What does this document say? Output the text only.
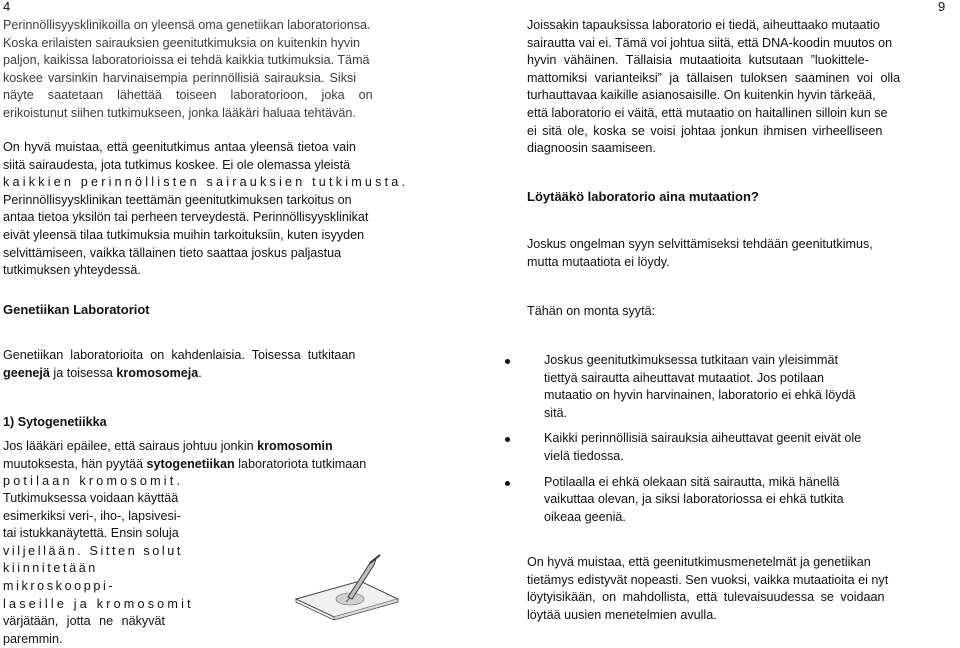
4

Perinnöllisyysklinikoilla on yleensä oma genetiikan laboratorionsa.

Koska erilaisten sairauksien geenitutkimuksia on kuitenkin hyvin

paljon, kaikissa laboratorioissa ei tehdä kaikkia tutkimuksia. Tämä

koskee varsinkin harvinaisempia perinnöllisiä sairauksia. Siksi

näyte saatetaan lähettää toiseen laboratorioon, joka on

erikoistunut siihen tutkimukseen, jonka lääkäri haluaa tehtävän.

On hyvä muistaa, että geenitutkimus antaa yleensä tietoa vain

siitä sairaudesta, jota tutkimus koskee. Ei ole olemassa yleistä

kaikkien perinnöllisten sairauksien tutkimusta.

Perinnöllisyysklinikan teettämän geenitutkimuksen tarkoitus on

antaa tietoa yksilön tai perheen terveydestä. Perinnöllisyysklinikat

eivät yleensä tilaa tutkimuksia muihin tarkoituksiin, kuten isyyden

selvittämiseen, vaikka tällainen tieto saattaa joskus paljastua

tutkimuksen yhteydessä.

Genetiikan Laboratoriot

Genetiikan laboratorioita on kahdenlaisia. Toisessa tutkitaan

geenejä ja toisessa kromosomeja.

1) Sytogenetiikka

Jos lääkäri epäilee, että sairaus johtuu jonkin kromosomin

muutoksesta, hän pyytää sytogenetiikan laboratoriota tutkimaan

potilaan kromosomit.

Tutkimuksessa voidaan käyttää

esimerkiksi veri-, iho-, lapsivesi-

tai istukkanäytettä. Ensin soluja

viljellään. Sitten solut

kiinnitetään mikroskooppi-

laseille ja kromosomit

värjätään, jotta ne näkyvät

paremmin.

9

Joissakin tapauksissa laboratorio ei tiedä, aiheuttaako mutaatio

sairautta vai ei. Tämä voi johtua siitä, että DNA-koodin muutos on

hyvin vähäinen. Tällaisia mutaatioita kutsutaan ”luokittele-

mattomiksi varianteiksi” ja tällaisen tuloksen saaminen voi olla

turhauttavaa kaikille asianosaisille. On kuitenkin hyvin tärkeää,

että laboratorio ei väitä, että mutaatio on haitallinen silloin kun se

ei sitä ole, koska se voisi johtaa jonkun ihmisen virheelliseen

diagnoosin saamiseen.

Löytääkö laboratorio aina mutaation?

Joskus ongelman syyn selvittämiseksi tehdään geenitutkimus,

mutta mutaatiota ei löydy.

Tähän on monta syytä:

Joskus geenitutkimuksessa tutkitaan vain yleisimmät

tiettyä sairautta aiheuttavat mutaatiot. Jos potilaan

mutaatio on hyvin harvinainen, laboratorio ei ehkä löydä

sitä.

Kaikki perinnöllisiä sairauksia aiheuttavat geenit eivät ole

vielä tiedossa.

Potilaalla ei ehkä olekaan sitä sairautta, mikä hänellä

vaikuttaa olevan, ja siksi laboratoriossa ei ehkä tutkita

oikeaa geeniä.

On hyvä muistaa, että geenitutkimusmenetelmät ja genetiikan

tietämys edistyvät nopeasti. Sen vuoksi, vaikka mutaatioita ei nyt

löytyisikään, on mahdollista, että tulevaisuudessa se voidaan

löytää uusien menetelmien avulla.
